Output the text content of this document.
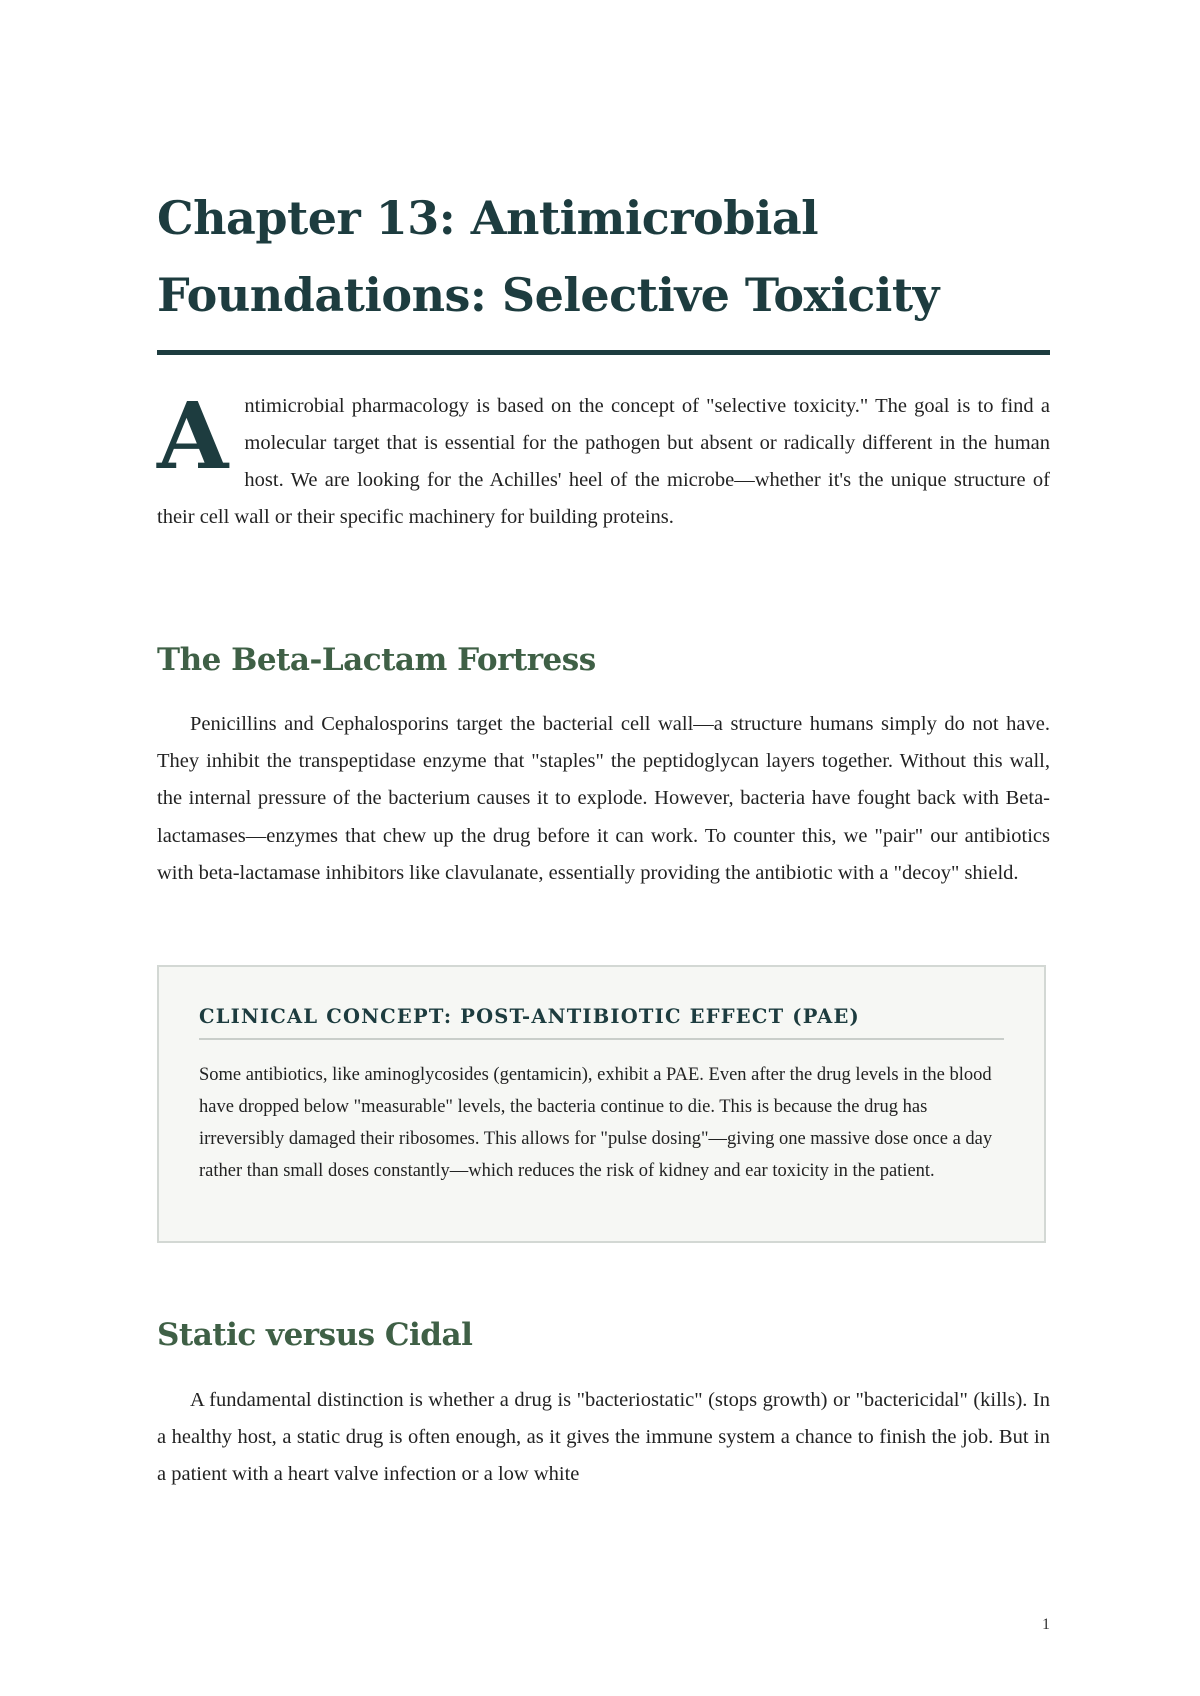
Chapter 13: Antimicrobial Foundations: Selective Toxicity

Antimicrobial pharmacology is based on the concept of "selective toxicity." The goal is to find a molecular target that is essential for the pathogen but absent or radically different in the human host. We are looking for the Achilles' heel of the microbe—whether it's the unique structure of their cell wall or their specific machinery for building proteins.

The Beta-Lactam Fortress

Penicillins and Cephalosporins target the bacterial cell wall—a structure humans simply do not have. They inhibit the transpeptidase enzyme that "staples" the peptidoglycan layers together. Without this wall, the internal pressure of the bacterium causes it to explode. However, bacteria have fought back with Beta-lactamases—enzymes that chew up the drug before it can work. To counter this, we "pair" our antibiotics with beta-lactamase inhibitors like clavulanate, essentially providing the antibiotic with a "decoy" shield.

CLINICAL CONCEPT: POST-ANTIBIOTIC EFFECT (PAE)

Some antibiotics, like aminoglycosides (gentamicin), exhibit a PAE. Even after the drug levels in the blood have dropped below "measurable" levels, the bacteria continue to die. This is because the drug has irreversibly damaged their ribosomes. This allows for "pulse dosing"—giving one massive dose once a day rather than small doses constantly—which reduces the risk of kidney and ear toxicity in the patient.

Static versus Cidal

A fundamental distinction is whether a drug is "bacteriostatic" (stops growth) or "bactericidal" (kills). In a healthy host, a static drug is often enough, as it gives the immune system a chance to finish the job. But in a patient with a heart valve infection or a low white

1
